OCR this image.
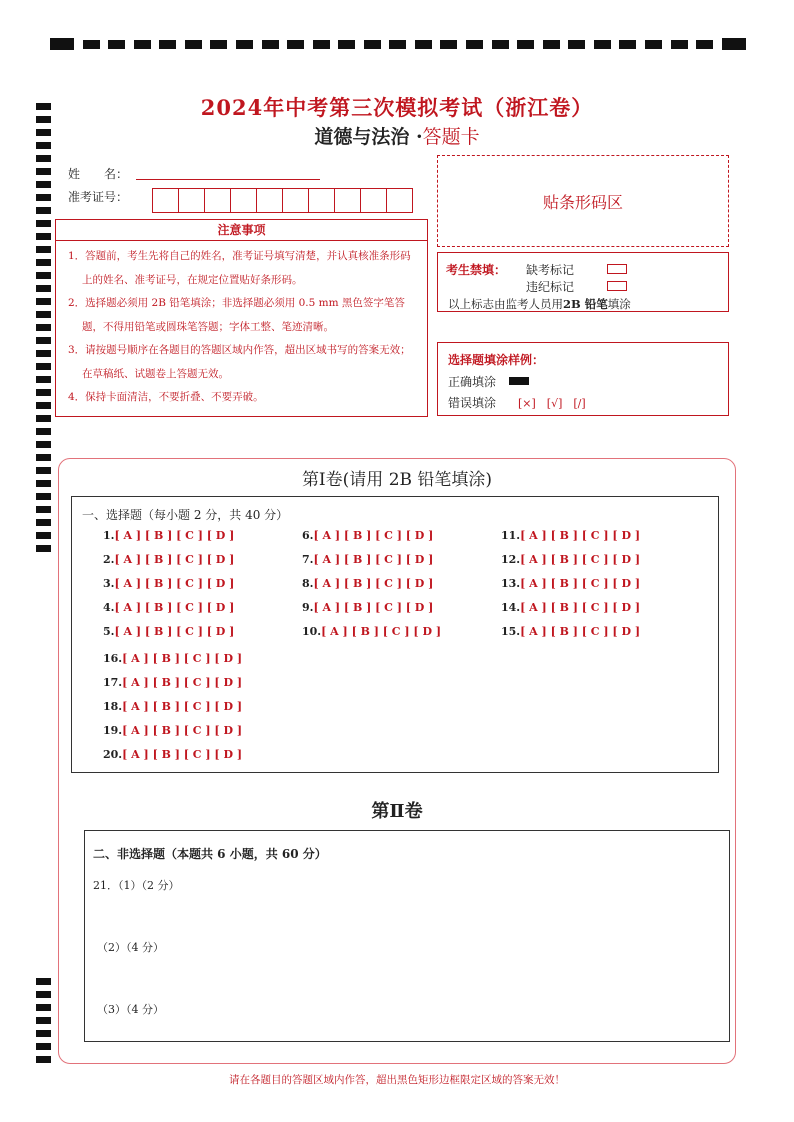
2024年中考第三次模拟考试（浙江卷）
道德与法治 ·答题卡
姓　　名：
准考证号：	贴条形码区
注意事项
1．答题前，考生先将自己的姓名，准考证号填写清楚，并认真核准条形码上的姓名、准考证号，在规定位置贴好条形码。
2．选择题必须用 2B 铅笔填涂；非选择题必须用 0.5 mm 黑色签字笔答题，不得用铅笔或圆珠笔答题；字体工整、笔迹清晰。
3．请按题号顺序在各题目的答题区域内作答，超出区域书写的答案无效；在草稿纸、试题卷上答题无效。
4．保持卡面清洁，不要折叠、不要弄破。
考生禁填： 缺考标记
违纪标记
以上标志由监考人员用2B 铅笔填涂
选择题填涂样例：
正确填涂
错误填涂 [×]　[√]　[/]
第Ⅰ卷(请用 2B 铅笔填涂)
一、选择题（每小题 2 分，共 40 分）
1.[ A ] [ B ] [ C ] [ D ]
2.[ A ] [ B ] [ C ] [ D ]
3.[ A ] [ B ] [ C ] [ D ]
4.[ A ] [ B ] [ C ] [ D ]
5.[ A ] [ B ] [ C ] [ D ]
6.[ A ] [ B ] [ C ] [ D ]
7.[ A ] [ B ] [ C ] [ D ]
8.[ A ] [ B ] [ C ] [ D ]
9.[ A ] [ B ] [ C ] [ D ]
10.[ A ] [ B ] [ C ] [ D ]
11.[ A ] [ B ] [ C ] [ D ]
12.[ A ] [ B ] [ C ] [ D ]
13.[ A ] [ B ] [ C ] [ D ]
14.[ A ] [ B ] [ C ] [ D ]
15.[ A ] [ B ] [ C ] [ D ]
16.[ A ] [ B ] [ C ] [ D ]
17.[ A ] [ B ] [ C ] [ D ]
18.[ A ] [ B ] [ C ] [ D ]
19.[ A ] [ B ] [ C ] [ D ]
20.[ A ] [ B ] [ C ] [ D ]
第Ⅱ卷
二、非选择题（本题共 6 小题，共 60 分）
21．（1）（2 分）
（2）（4 分）
（3）（4 分）
请在各题目的答题区域内作答，超出黑色矩形边框限定区域的答案无效！
